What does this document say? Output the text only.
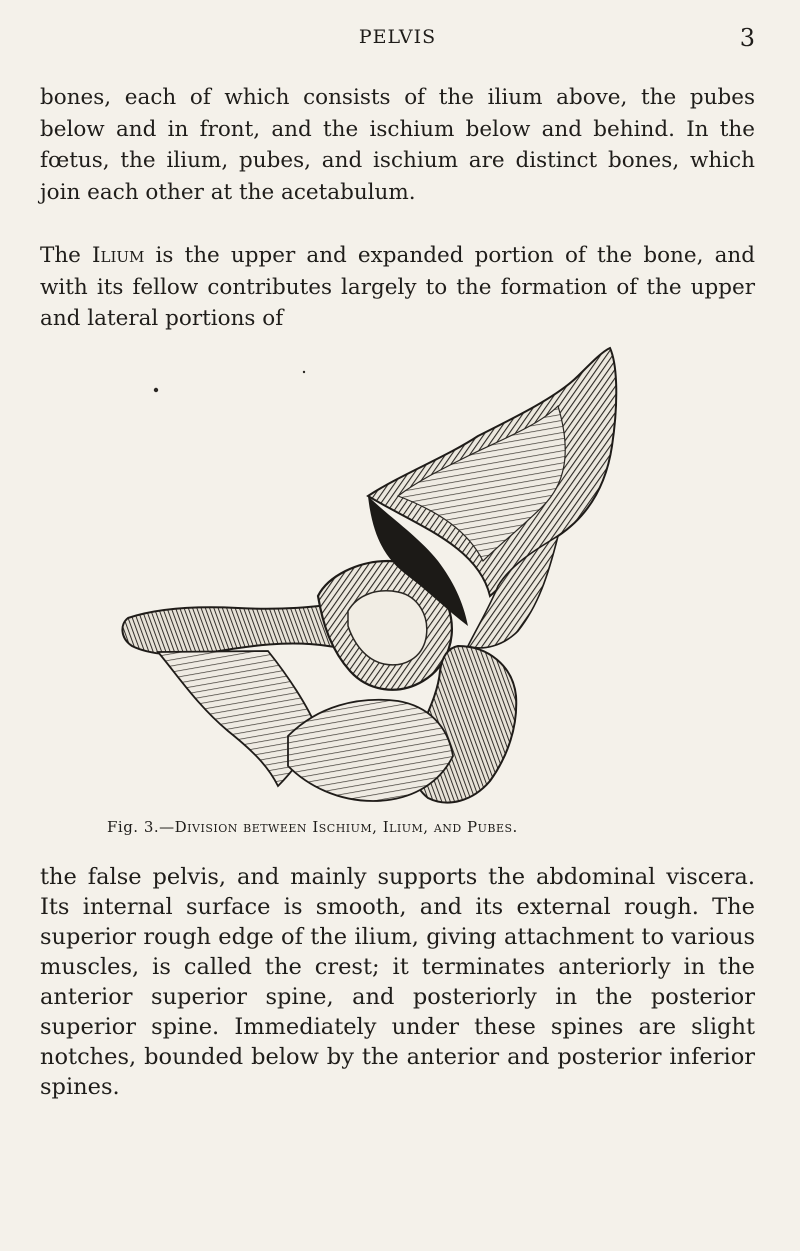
PELVIS	3

bones, each of which consists of the ilium above, the pubes below and in front, and the ischium below and behind. In the fœtus, the ilium, pubes, and ischium are distinct bones, which join each other at the acetabulum.

The Ilium is the upper and expanded portion of the bone, and with its fellow contributes largely to the formation of the upper and lateral portions of

Fig. 3.—Division between Ischium, Ilium, and Pubes.

the false pelvis, and mainly supports the abdominal viscera. Its internal surface is smooth, and its external rough. The superior rough edge of the ilium, giving attachment to various muscles, is called the crest; it terminates anteriorly in the anterior superior spine, and posteriorly in the posterior superior spine. Immediately under these spines are slight notches, bounded below by the anterior and posterior inferior spines.
